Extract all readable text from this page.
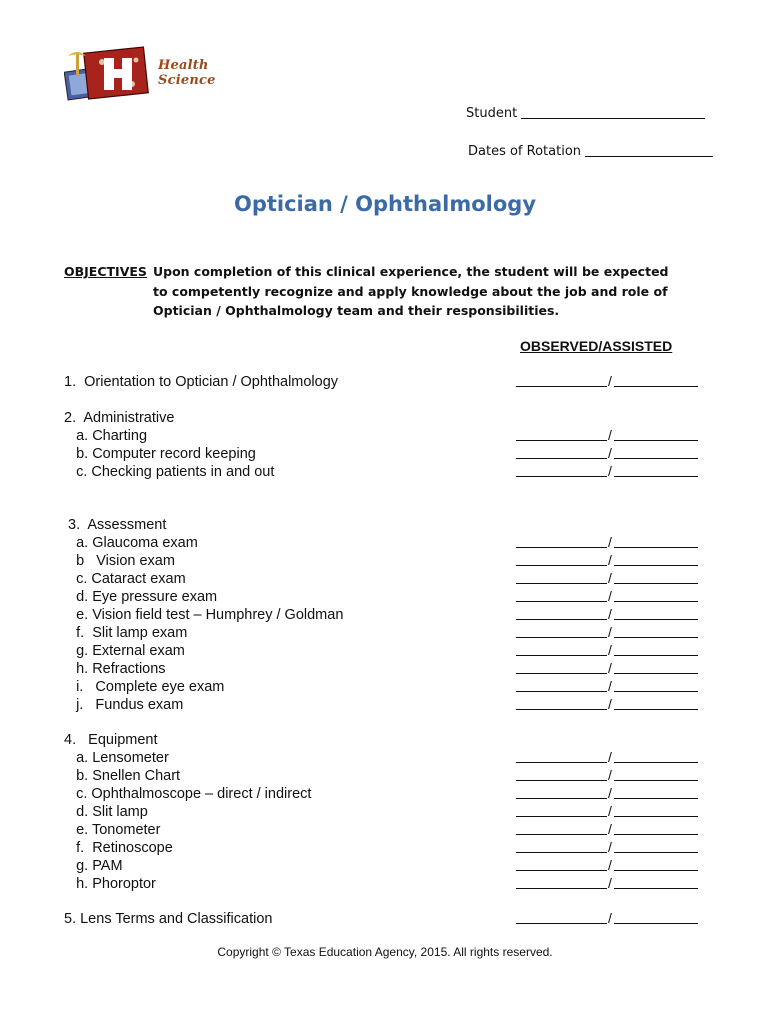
Health Science
Student
Dates of Rotation
Optician / Ophthalmology
OBJECTIVES Upon completion of this clinical experience, the student will be expected to competently recognize and apply knowledge about the job and role of Optician / Ophthalmology team and their responsibilities.
OBSERVED/ASSISTED
1.  Orientation to Optician / Ophthalmology	/
2.  Administrative
a. Charting	/
b. Computer record keeping	/
c. Checking patients in and out	/
3.  Assessment
a. Glaucoma exam	/
b   Vision exam	/
c. Cataract exam	/
d. Eye pressure exam	/
e. Vision field test – Humphrey / Goldman	/
f.  Slit lamp exam	/
g. External exam	/
h. Refractions	/
i.   Complete eye exam	/
j.   Fundus exam	/
4.   Equipment
a. Lensometer	/
b. Snellen Chart	/
c. Ophthalmoscope – direct / indirect	/
d. Slit lamp	/
e. Tonometer	/
f.  Retinoscope	/
g. PAM	/
h. Phoroptor	/
5. Lens Terms and Classification	/
Copyright © Texas Education Agency, 2015. All rights reserved.
